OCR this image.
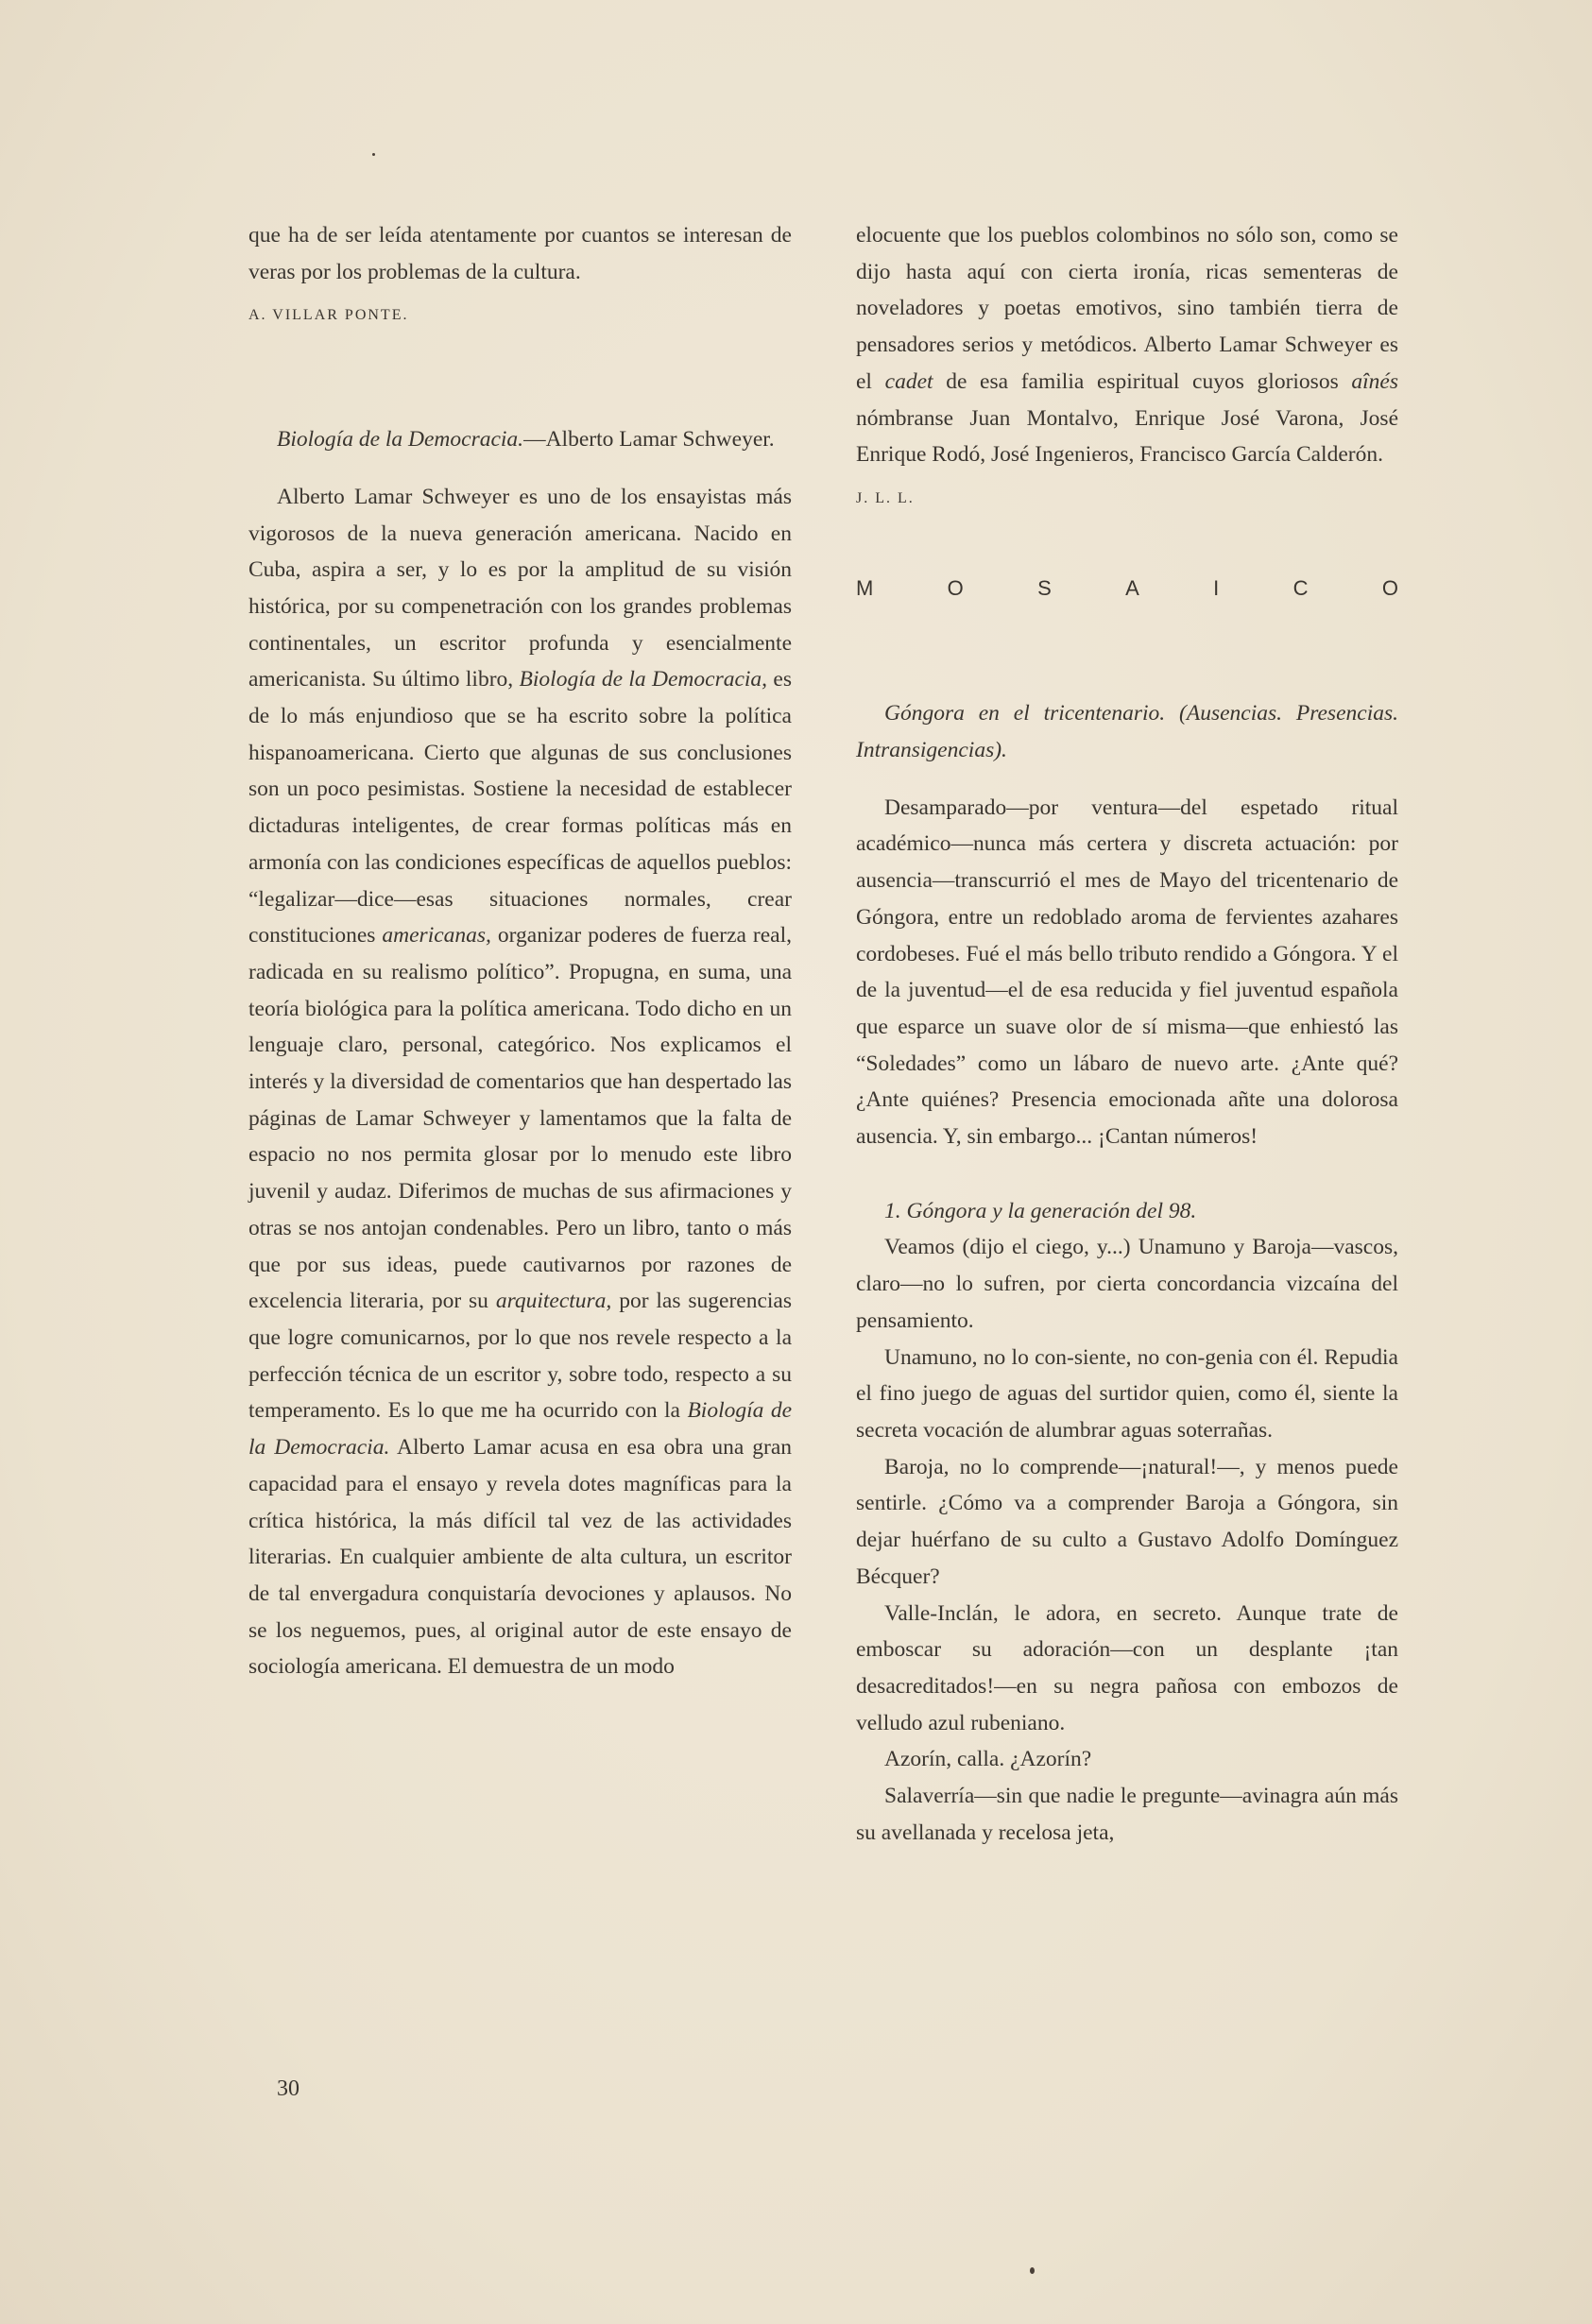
que ha de ser leída atentamente por cuantos se interesan de veras por los problemas de la cultura.

A. VILLAR PONTE.

Biología de la Democracia.—Alberto Lamar Schweyer.

Alberto Lamar Schweyer es uno de los ensayistas más vigorosos de la nueva generación americana. Nacido en Cuba, aspira a ser, y lo es por la amplitud de su visión histórica, por su compenetración con los grandes problemas continentales, un escritor profunda y esencialmente americanista. Su último libro, Biología de la Democracia, es de lo más enjundioso que se ha escrito sobre la política hispanoamericana. Cierto que algunas de sus conclusiones son un poco pesimistas. Sostiene la necesidad de establecer dictaduras inteligentes, de crear formas políticas más en armonía con las condiciones específicas de aquellos pueblos: “legalizar—dice—esas situaciones normales, crear constituciones americanas, organizar poderes de fuerza real, radicada en su realismo político”. Propugna, en suma, una teoría biológica para la política americana. Todo dicho en un lenguaje claro, personal, categórico. Nos explicamos el interés y la diversidad de comentarios que han despertado las páginas de Lamar Schweyer y lamentamos que la falta de espacio no nos permita glosar por lo menudo este libro juvenil y audaz. Diferimos de muchas de sus afirmaciones y otras se nos antojan condenables. Pero un libro, tanto o más que por sus ideas, puede cautivarnos por razones de excelencia literaria, por su arquitectura, por las sugerencias que logre comunicarnos, por lo que nos revele respecto a la perfección técnica de un escritor y, sobre todo, respecto a su temperamento. Es lo que me ha ocurrido con la Biología de la Democracia. Alberto Lamar acusa en esa obra una gran capacidad para el ensayo y revela dotes magníficas para la crítica histórica, la más difícil tal vez de las actividades literarias. En cualquier ambiente de alta cultura, un escritor de tal envergadura conquistaría devociones y aplausos. No se los neguemos, pues, al original autor de este ensayo de sociología americana. El demuestra de un modo

elocuente que los pueblos colombinos no sólo son, como se dijo hasta aquí con cierta ironía, ricas sementeras de noveladores y poetas emotivos, sino también tierra de pensadores serios y metódicos. Alberto Lamar Schweyer es el cadet de esa familia espiritual cuyos gloriosos aînés nómbranse Juan Montalvo, Enrique José Varona, José Enrique Rodó, José Ingenieros, Francisco García Calderón.

J. L. L.

M	O	S	A	I	C	O

Góngora en el tricentenario. (Ausencias. Presencias. Intransigencias).

Desamparado—por ventura—del espetado ritual académico—nunca más certera y discreta actuación: por ausencia—transcurrió el mes de Mayo del tricentenario de Góngora, entre un redoblado aroma de fervientes azahares cordobeses. Fué el más bello tributo rendido a Góngora. Y el de la juventud—el de esa reducida y fiel juventud española que esparce un suave olor de sí misma—que enhiestó las “Soledades” como un lábaro de nuevo arte. ¿Ante qué? ¿Ante quiénes? Presencia emocionada añte una dolorosa ausencia. Y, sin embargo... ¡Cantan números!

1. Góngora y la generación del 98.

Veamos (dijo el ciego, y...) Unamuno y Baroja—vascos, claro—no lo sufren, por cierta concordancia vizcaína del pensamiento.

Unamuno, no lo con-siente, no con-genia con él. Repudia el fino juego de aguas del surtidor quien, como él, siente la secreta vocación de alumbrar aguas soterrañas.

Baroja, no lo comprende—¡natural!—, y menos puede sentirle. ¿Cómo va a comprender Baroja a Góngora, sin dejar huérfano de su culto a Gustavo Adolfo Domínguez Bécquer?

Valle-Inclán, le adora, en secreto. Aunque trate de emboscar su adoración—con un desplante ¡tan desacreditados!—en su negra pañosa con embozos de velludo azul rubeniano.

Azorín, calla. ¿Azorín?

Salaverría—sin que nadie le pregunte—avinagra aún más su avellanada y recelosa jeta,

30
